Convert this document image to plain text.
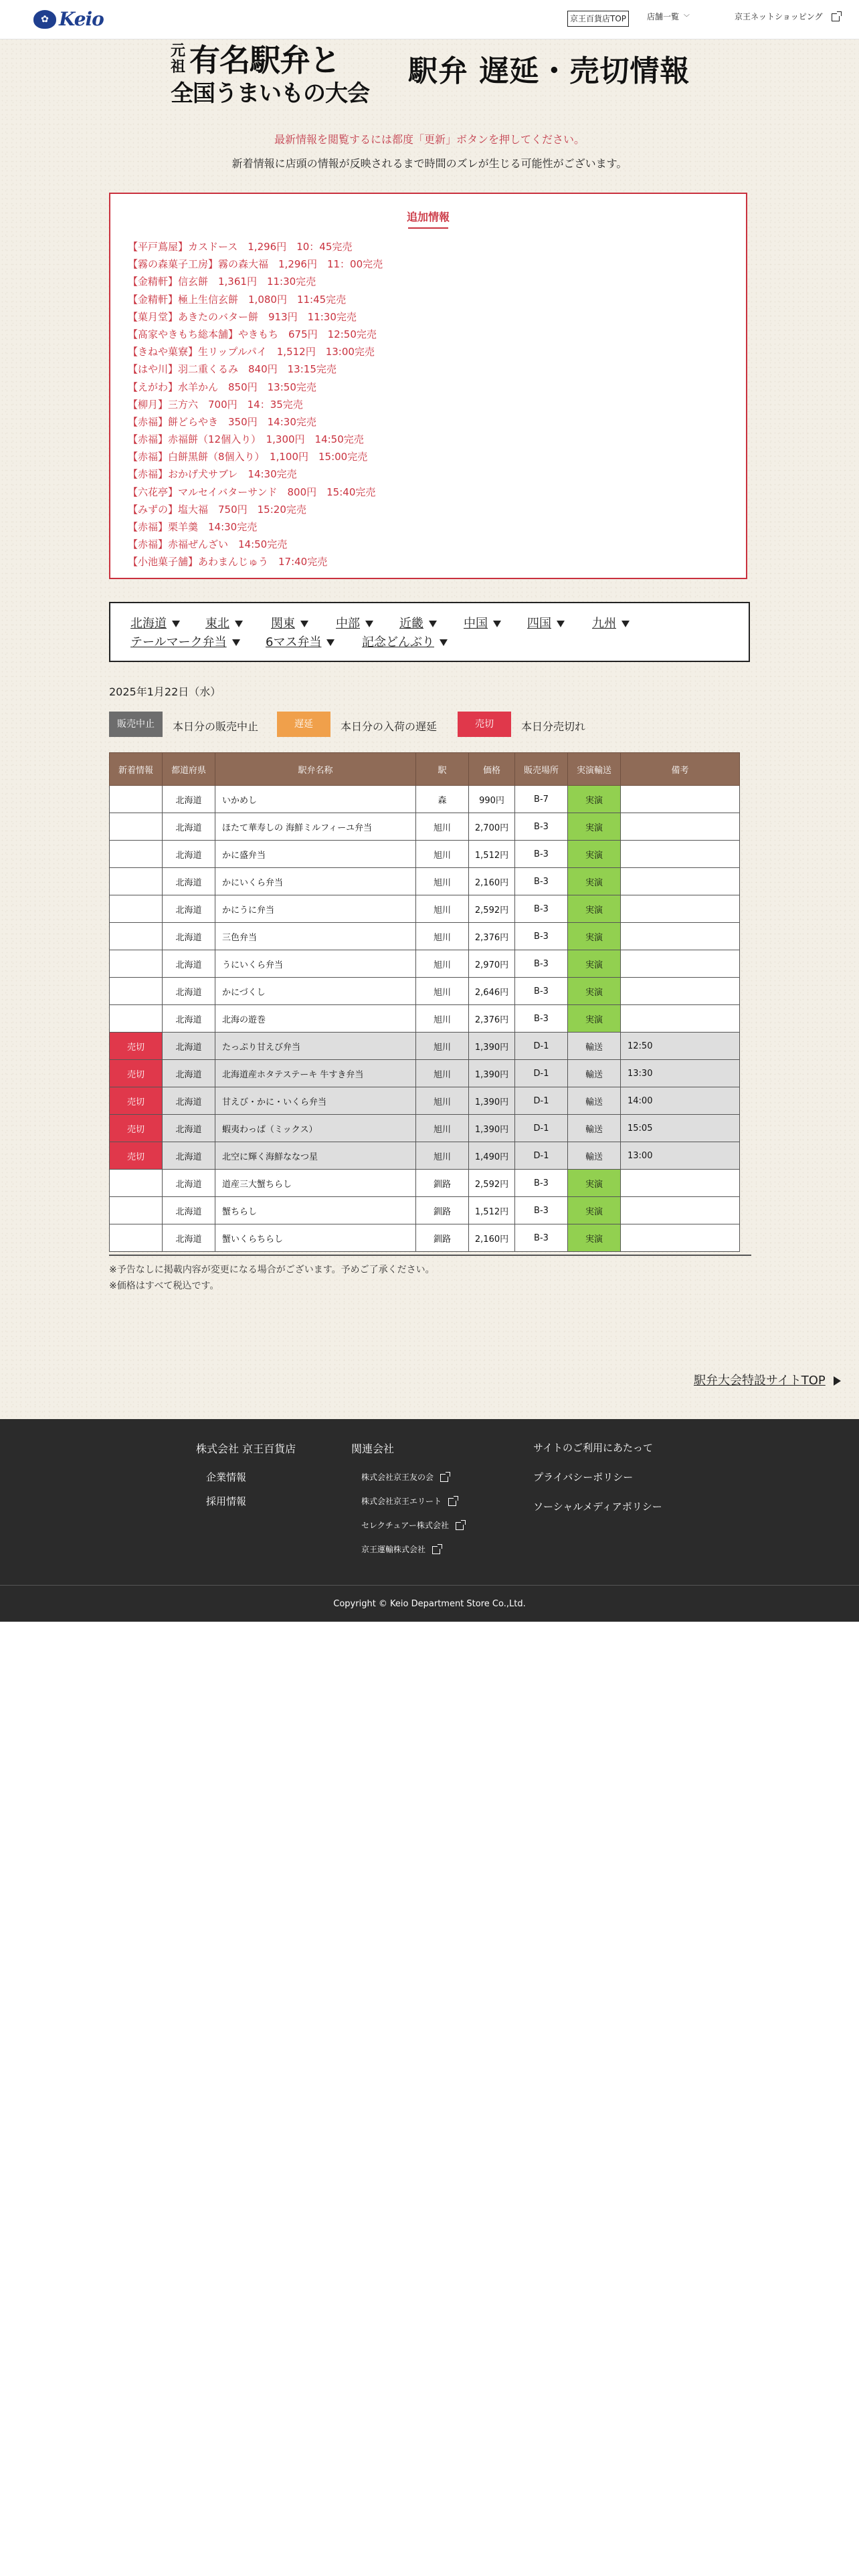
✿ Keio	京王百貨店TOP	店舗一覧 ﹀	京王ネットショッピング
元祖 有名駅弁と
全国うまいもの大会
駅弁 遅延・売切情報
最新情報を閲覧するには都度「更新」ボタンを押してください。
新着情報に店頭の情報が反映されるまで時間のズレが生じる可能性がございます。
追加情報
【平戸蔦屋】カスドース　1,296円　10：45完売
【霧の森菓子工房】霧の森大福　1,296円　11：00完売
【金精軒】信玄餅　1,361円　11:30完売
【金精軒】極上生信玄餅　1,080円　11:45完売
【菓月堂】あきたのバター餅　913円　11:30完売
【髙家やきもち総本舗】やきもち　675円　12:50完売
【きねや菓寮】生リップルパイ　1,512円　13:00完売
【はや川】羽二重くるみ　840円　13:15完売
【えがわ】水羊かん　850円　13:50完売
【柳月】三方六　700円　14：35完売
【赤福】餅どらやき　350円　14:30完売
【赤福】赤福餅（12個入り）　1,300円　14:50完売
【赤福】白餅黒餅（8個入り）　1,100円　15:00完売
【赤福】おかげ犬サブレ　14:30完売
【六花亭】マルセイバターサンド　800円　15:40完売
【みずの】塩大福　750円　15:20完売
【赤福】栗羊羹　14:30完売
【赤福】赤福ぜんざい　14:50完売
【小池菓子舗】あわまんじゅう　17:40完売
北海道	東北	関東	中部	近畿	中国	四国	九州
テールマーク弁当	6マス弁当	記念どんぶり
2025年1月22日（水）
販売中止	本日分の販売中止	遅延	本日分の入荷の遅延	売切	本日分売切れ
新着情報	都道府県	駅弁名称	駅	価格	販売場所	実演輸送	備考
	北海道	いかめし	森	990円	B-7	実演	
	北海道	ほたて華寿しの 海鮮ミルフィーユ弁当	旭川	2,700円	B-3	実演	
	北海道	かに盛弁当	旭川	1,512円	B-3	実演	
	北海道	かにいくら弁当	旭川	2,160円	B-3	実演	
	北海道	かにうに弁当	旭川	2,592円	B-3	実演	
	北海道	三色弁当	旭川	2,376円	B-3	実演	
	北海道	うにいくら弁当	旭川	2,970円	B-3	実演	
	北海道	かにづくし	旭川	2,646円	B-3	実演	
	北海道	北海の遊巻	旭川	2,376円	B-3	実演	
売切	北海道	たっぷり甘えび弁当	旭川	1,390円	D-1	輸送	12:50
売切	北海道	北海道産ホタテステーキ 牛すき弁当	旭川	1,390円	D-1	輸送	13:30
売切	北海道	甘えび・かに・いくら弁当	旭川	1,390円	D-1	輸送	14:00
売切	北海道	蝦夷わっぱ（ミックス）	旭川	1,390円	D-1	輸送	15:05
売切	北海道	北空に輝く海鮮ななつ星	旭川	1,490円	D-1	輸送	13:00
	北海道	道産三大蟹ちらし	釧路	2,592円	B-3	実演	
	北海道	蟹ちらし	釧路	1,512円	B-3	実演	
	北海道	蟹いくらちらし	釧路	2,160円	B-3	実演	
※予告なしに掲載内容が変更になる場合がございます。予めご了承ください。
※価格はすべて税込です。
駅弁大会特設サイトTOP
株式会社 京王百貨店
企業情報
採用情報
関連会社
株式会社京王友の会
株式会社京王エリート
セレクチュアー株式会社
京王運輸株式会社
サイトのご利用にあたって
プライバシーポリシー
ソーシャルメディアポリシー
Copyright © Keio Department Store Co.,Ltd.
